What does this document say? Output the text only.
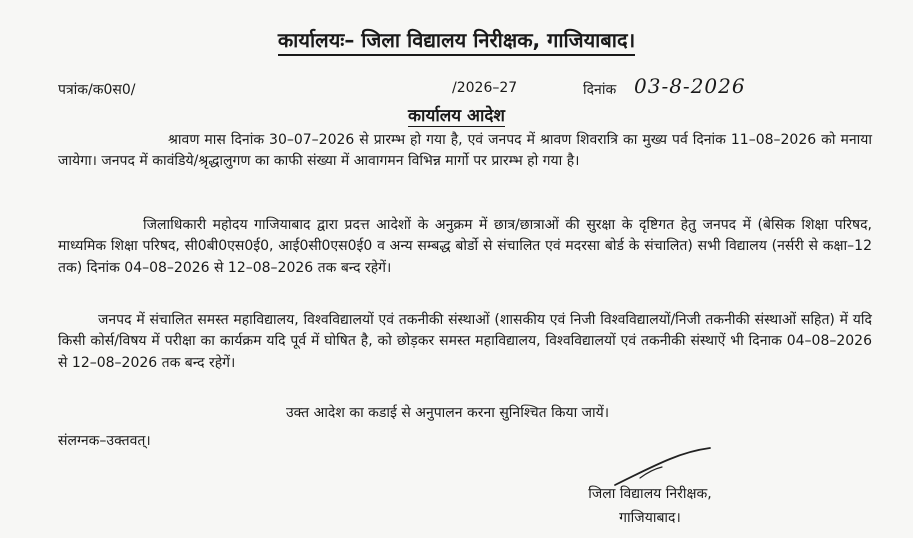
कार्यालयः– जिला विद्यालय निरीक्षक, गाजियाबाद।
पत्रांक/क0स0/	/2026–27	दिनांक 03-8-2026
कार्यालय आदेश

श्रावण मास दिनांक 30–07–2026 से प्रारम्भ हो गया है, एवं जनपद में श्रावण शिवरात्रि का मुख्य पर्व दिनांक 11–08–2026 को मनाया जायेगा। जनपद में कावंडिये/श्रृद्धालुगण का काफी संख्या में आवागमन विभिन्न मार्गो पर प्रारम्भ हो गया है।

जिलाधिकारी महोदय गाजियाबाद द्वारा प्रदत्त आदेशों के अनुक्रम में छात्र/छात्राओं की सुरक्षा के दृष्टिगत हेतु जनपद में (बेसिक शिक्षा परिषद, माध्यमिक शिक्षा परिषद, सी0बी0एस0ई0, आई0सी0एस0ई0 व अन्य सम्बद्ध बोर्डो से संचालित एवं मदरसा बोर्ड के संचालित) सभी विद्यालय (नर्सरी से कक्षा–12 तक) दिनांक 04–08–2026 से 12–08–2026 तक बन्द रहेगें।

जनपद में संचालित समस्त महाविद्यालय, विश्वविद्यालयों एवं तकनीकी संस्थाओं (शासकीय एवं निजी विश्वविद्यालयों/निजी तकनीकी संस्थाओं सहित) में यदि किसी कोर्स/विषय में परीक्षा का कार्यक्रम यदि पूर्व में घोषित है, को छोड़कर समस्त महाविद्यालय, विश्वविद्यालयों एवं तकनीकी संस्थाऐं भी दिनाक 04–08–2026 से 12–08–2026 तक बन्द रहेगें।

उक्त आदेश का कडाई से अनुपालन करना सुनिश्चित किया जायें।

संलग्नक–उक्तवत्।
जिला विद्यालय निरीक्षक,
गाजियाबाद।
